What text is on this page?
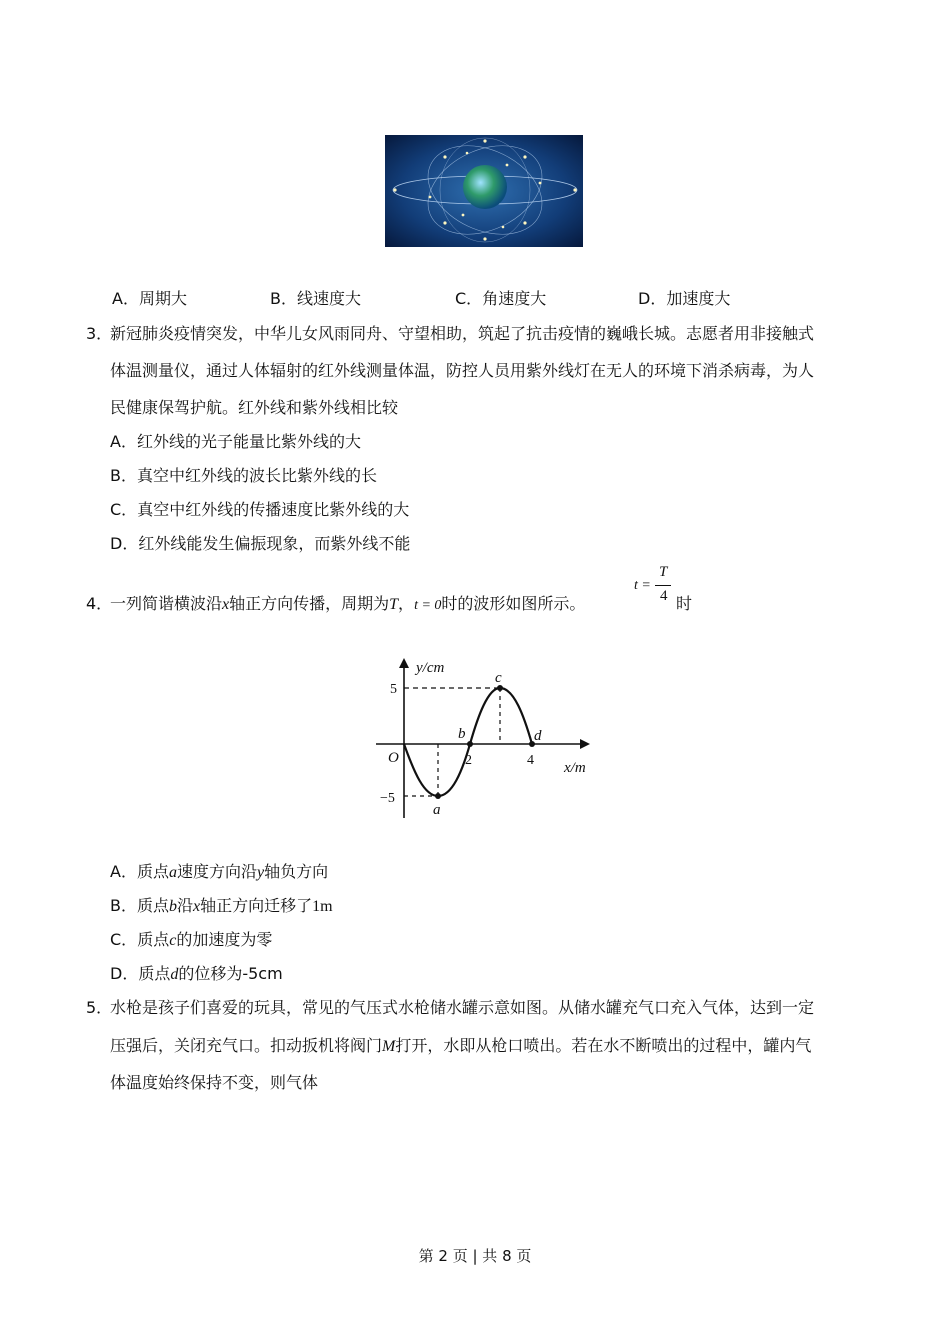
A．周期大	B．线速度大	C．角速度大	D．加速度大
3．
新冠肺炎疫情突发，中华儿女风雨同舟、守望相助，筑起了抗击疫情的巍峨长城。志愿者用非接触式
体温测量仪，通过人体辐射的红外线测量体温，防控人员用紫外线灯在无人的环境下消杀病毒，为人
民健康保驾护航。红外线和紫外线相比较
A．红外线的光子能量比紫外线的大
B．真空中红外线的波长比紫外线的长
C．真空中红外线的传播速度比紫外线的大
D．红外线能发生偏振现象，而紫外线不能
4．
一列简谐横波沿x轴正方向传播，周期为T，t = 0时的波形如图所示。
t =
T
4 时
y/cm
x/m
O
5
−5
2	4
a
b
c
d
A．质点a速度方向沿y轴负方向
B．质点b沿x轴正方向迁移了1m
C．质点c的加速度为零
D．质点d的位移为-5cm
5．
水枪是孩子们喜爱的玩具，常见的气压式水枪储水罐示意如图。从储水罐充气口充入气体，达到一定
压强后，关闭充气口。扣动扳机将阀门M打开，水即从枪口喷出。若在水不断喷出的过程中，罐内气
体温度始终保持不变，则气体
第 2 页 | 共 8 页
